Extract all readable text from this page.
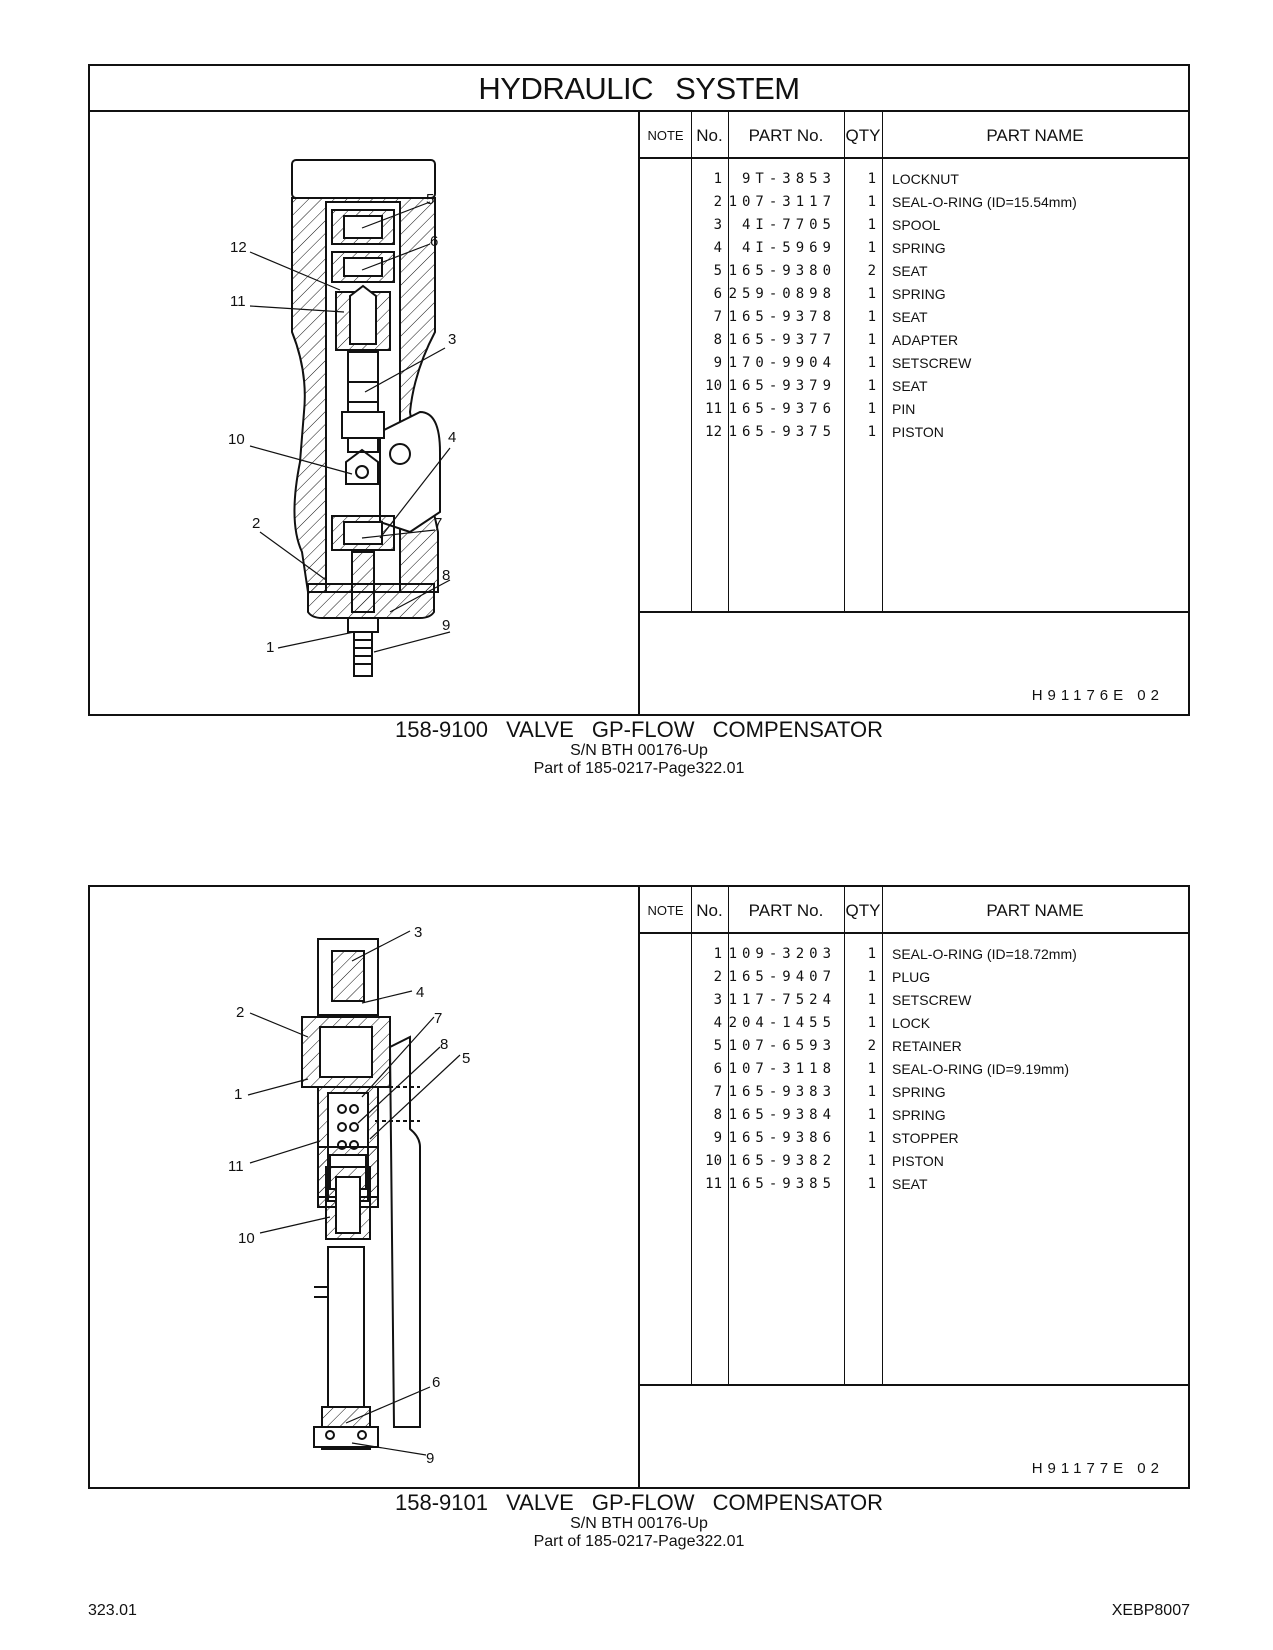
HYDRAULIC SYSTEM
5
6
12
11
3
10	4
2	7
8
9
1
NOTE No.	PART No.	QTY	PART NAME
1	9T-3853	1 LOCKNUT
2 107-3117	1 SEAL-O-RING (ID=15.54mm)
3	4I-7705	1 SPOOL
4	4I-5969	1 SPRING
5 165-9380	2 SEAT
6 259-0898	1 SPRING
7 165-9378	1 SEAT
8 165-9377	1 ADAPTER
9 170-9904	1 SETSCREW
10 165-9379	1 SEAT
11 165-9376	1 PIN
12 165-9375	1 PISTON
H91176E 02
158-9100 VALVE GP-FLOW COMPENSATOR
S/N BTH 00176-Up
Part of 185-0217-Page322.01
3
4
2
1
7
8
5
11
10
6
9
NOTE No.	PART No.	QTY	PART NAME
1 109-3203	1 SEAL-O-RING (ID=18.72mm)
2 165-9407	1 PLUG
3 117-7524	1 SETSCREW
4 204-1455	1 LOCK
5 107-6593	2 RETAINER
6 107-3118	1 SEAL-O-RING (ID=9.19mm)
7 165-9383	1 SPRING
8 165-9384	1 SPRING
9 165-9386	1 STOPPER
10 165-9382	1 PISTON
11 165-9385	1 SEAT
H91177E 02
158-9101 VALVE GP-FLOW COMPENSATOR
S/N BTH 00176-Up
Part of 185-0217-Page322.01
323.01	XEBP8007
